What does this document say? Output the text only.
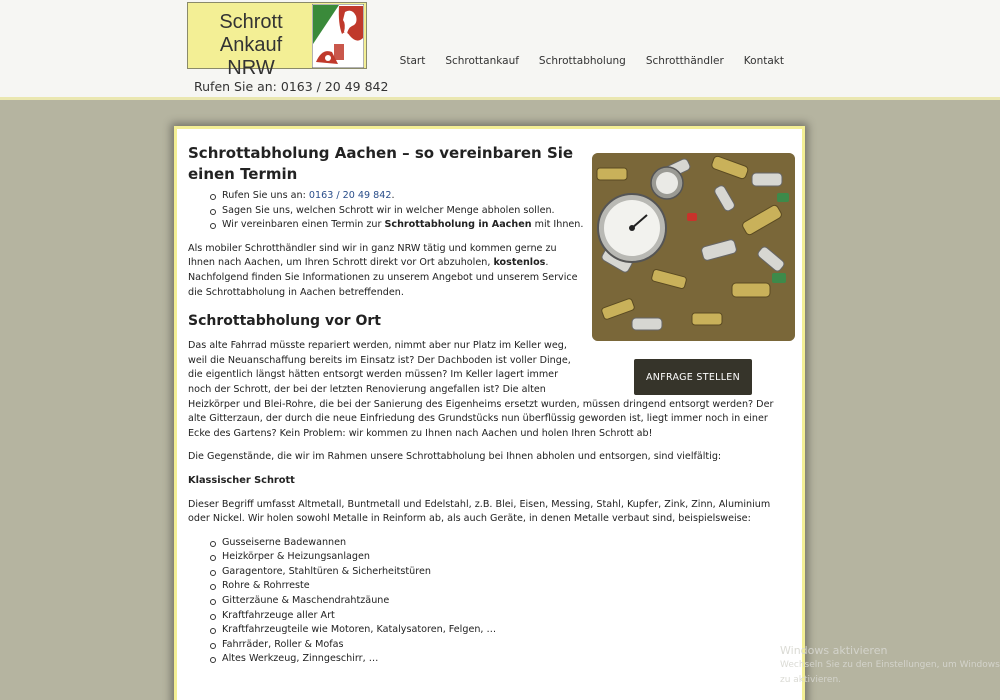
Schrott Ankauf
NRW
Rufen Sie an: 0163 / 20 49 842
Start Schrottankauf Schrottabholung Schrotthändler Kontakt
ANFRAGE STELLEN
Schrottabholung Aachen – so vereinbaren Sie einen Termin
Rufen Sie uns an: 0163 / 20 49 842.
Sagen Sie uns, welchen Schrott wir in welcher Menge abholen sollen.
Wir vereinbaren einen Termin zur Schrottabholung in Aachen mit Ihnen.

Als mobiler Schrotthändler sind wir in ganz NRW tätig und kommen gerne zu Ihnen nach Aachen, um Ihren Schrott direkt vor Ort abzuholen, kostenlos. Nachfolgend finden Sie Informationen zu unserem Angebot und unserem Service die Schrottabholung in Aachen betreffenden.

Schrottabholung vor Ort

Das alte Fahrrad müsste repariert werden, nimmt aber nur Platz im Keller weg, weil die Neuanschaffung bereits im Einsatz ist? Der Dachboden ist voller Dinge, die eigentlich längst hätten entsorgt werden müssen? Im Keller lagert immer noch der Schrott, der bei der letzten Renovierung angefallen ist? Die alten Heizkörper und Blei-Rohre, die bei der Sanierung des Eigenheims ersetzt wurden, müssen dringend entsorgt werden? Der alte Gitterzaun, der durch die neue Einfriedung des Grundstücks nun überflüssig geworden ist, liegt immer noch in einer Ecke des Gartens? Kein Problem: wir kommen zu Ihnen nach Aachen und holen Ihren Schrott ab!

Die Gegenstände, die wir im Rahmen unsere Schrottabholung bei Ihnen abholen und entsorgen, sind vielfältig:

Klassischer Schrott

Dieser Begriff umfasst Altmetall, Buntmetall und Edelstahl, z.B. Blei, Eisen, Messing, Stahl, Kupfer, Zink, Zinn, Aluminium oder Nickel. Wir holen sowohl Metalle in Reinform ab, als auch Geräte, in denen Metalle verbaut sind, beispielsweise:

Gusseiserne Badewannen
Heizkörper & Heizungsanlagen
Garagentore, Stahltüren & Sicherheitstüren
Rohre & Rohrreste
Gitterzäune & Maschendrahtzäune
Kraftfahrzeuge aller Art
Kraftfahrzeugteile wie Motoren, Katalysatoren, Felgen, …
Fahrräder, Roller & Mofas
Altes Werkzeug, Zinngeschirr, …
Windows aktivieren
Wechseln Sie zu den Einstellungen, um Windows zu aktivieren.
